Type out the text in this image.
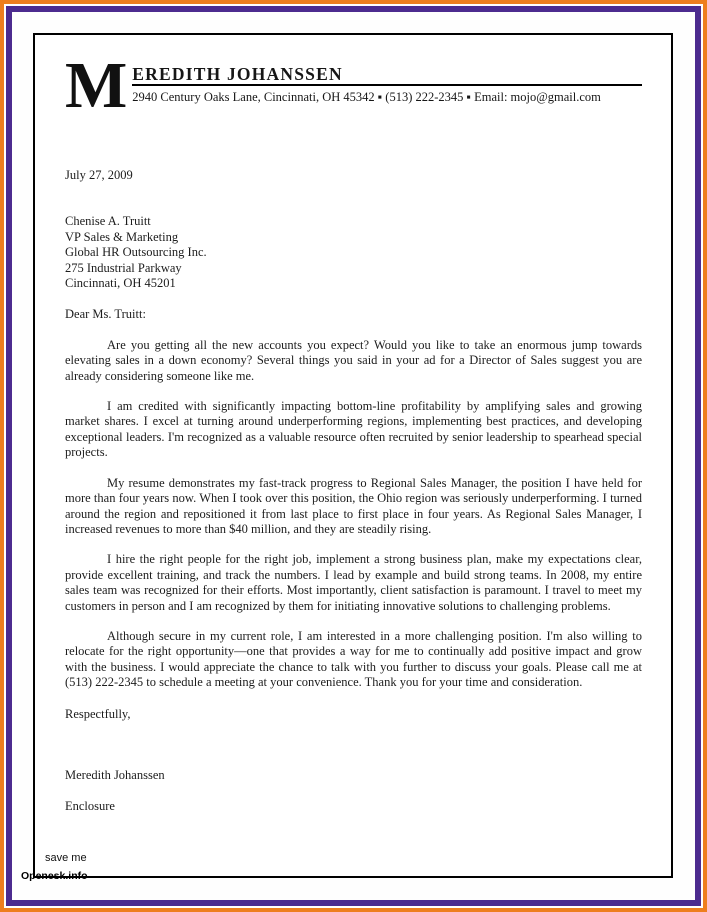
M EREDITH JOHANSSEN
2940 Century Oaks Lane, Cincinnati, OH 45342 ▪ (513) 222-2345 ▪ Email: mojo@gmail.com
July 27, 2009
Chenise A. Truitt
VP Sales & Marketing
Global HR Outsourcing Inc.
275 Industrial Parkway
Cincinnati, OH 45201
Dear Ms. Truitt:
Are you getting all the new accounts you expect? Would you like to take an enormous jump towards elevating sales in a down economy? Several things you said in your ad for a Director of Sales suggest you are already considering someone like me.
I am credited with significantly impacting bottom-line profitability by amplifying sales and growing market shares. I excel at turning around underperforming regions, implementing best practices, and developing exceptional leaders. I'm recognized as a valuable resource often recruited by senior leadership to spearhead special projects.
My resume demonstrates my fast-track progress to Regional Sales Manager, the position I have held for more than four years now. When I took over this position, the Ohio region was seriously underperforming. I turned around the region and repositioned it from last place to first place in four years. As Regional Sales Manager, I increased revenues to more than $40 million, and they are steadily rising.
I hire the right people for the right job, implement a strong business plan, make my expectations clear, provide excellent training, and track the numbers. I lead by example and build strong teams. In 2008, my entire sales team was recognized for their efforts. Most importantly, client satisfaction is paramount. I travel to meet my customers in person and I am recognized by them for initiating innovative solutions to challenging problems.
Although secure in my current role, I am interested in a more challenging position. I'm also willing to relocate for the right opportunity—one that provides a way for me to continually add positive impact and grow with the business. I would appreciate the chance to talk with you further to discuss your goals. Please call me at (513) 222-2345 to schedule a meeting at your convenience. Thank you for your time and consideration.
Respectfully,
Meredith Johanssen
Enclosure
save me
Openesk.info
